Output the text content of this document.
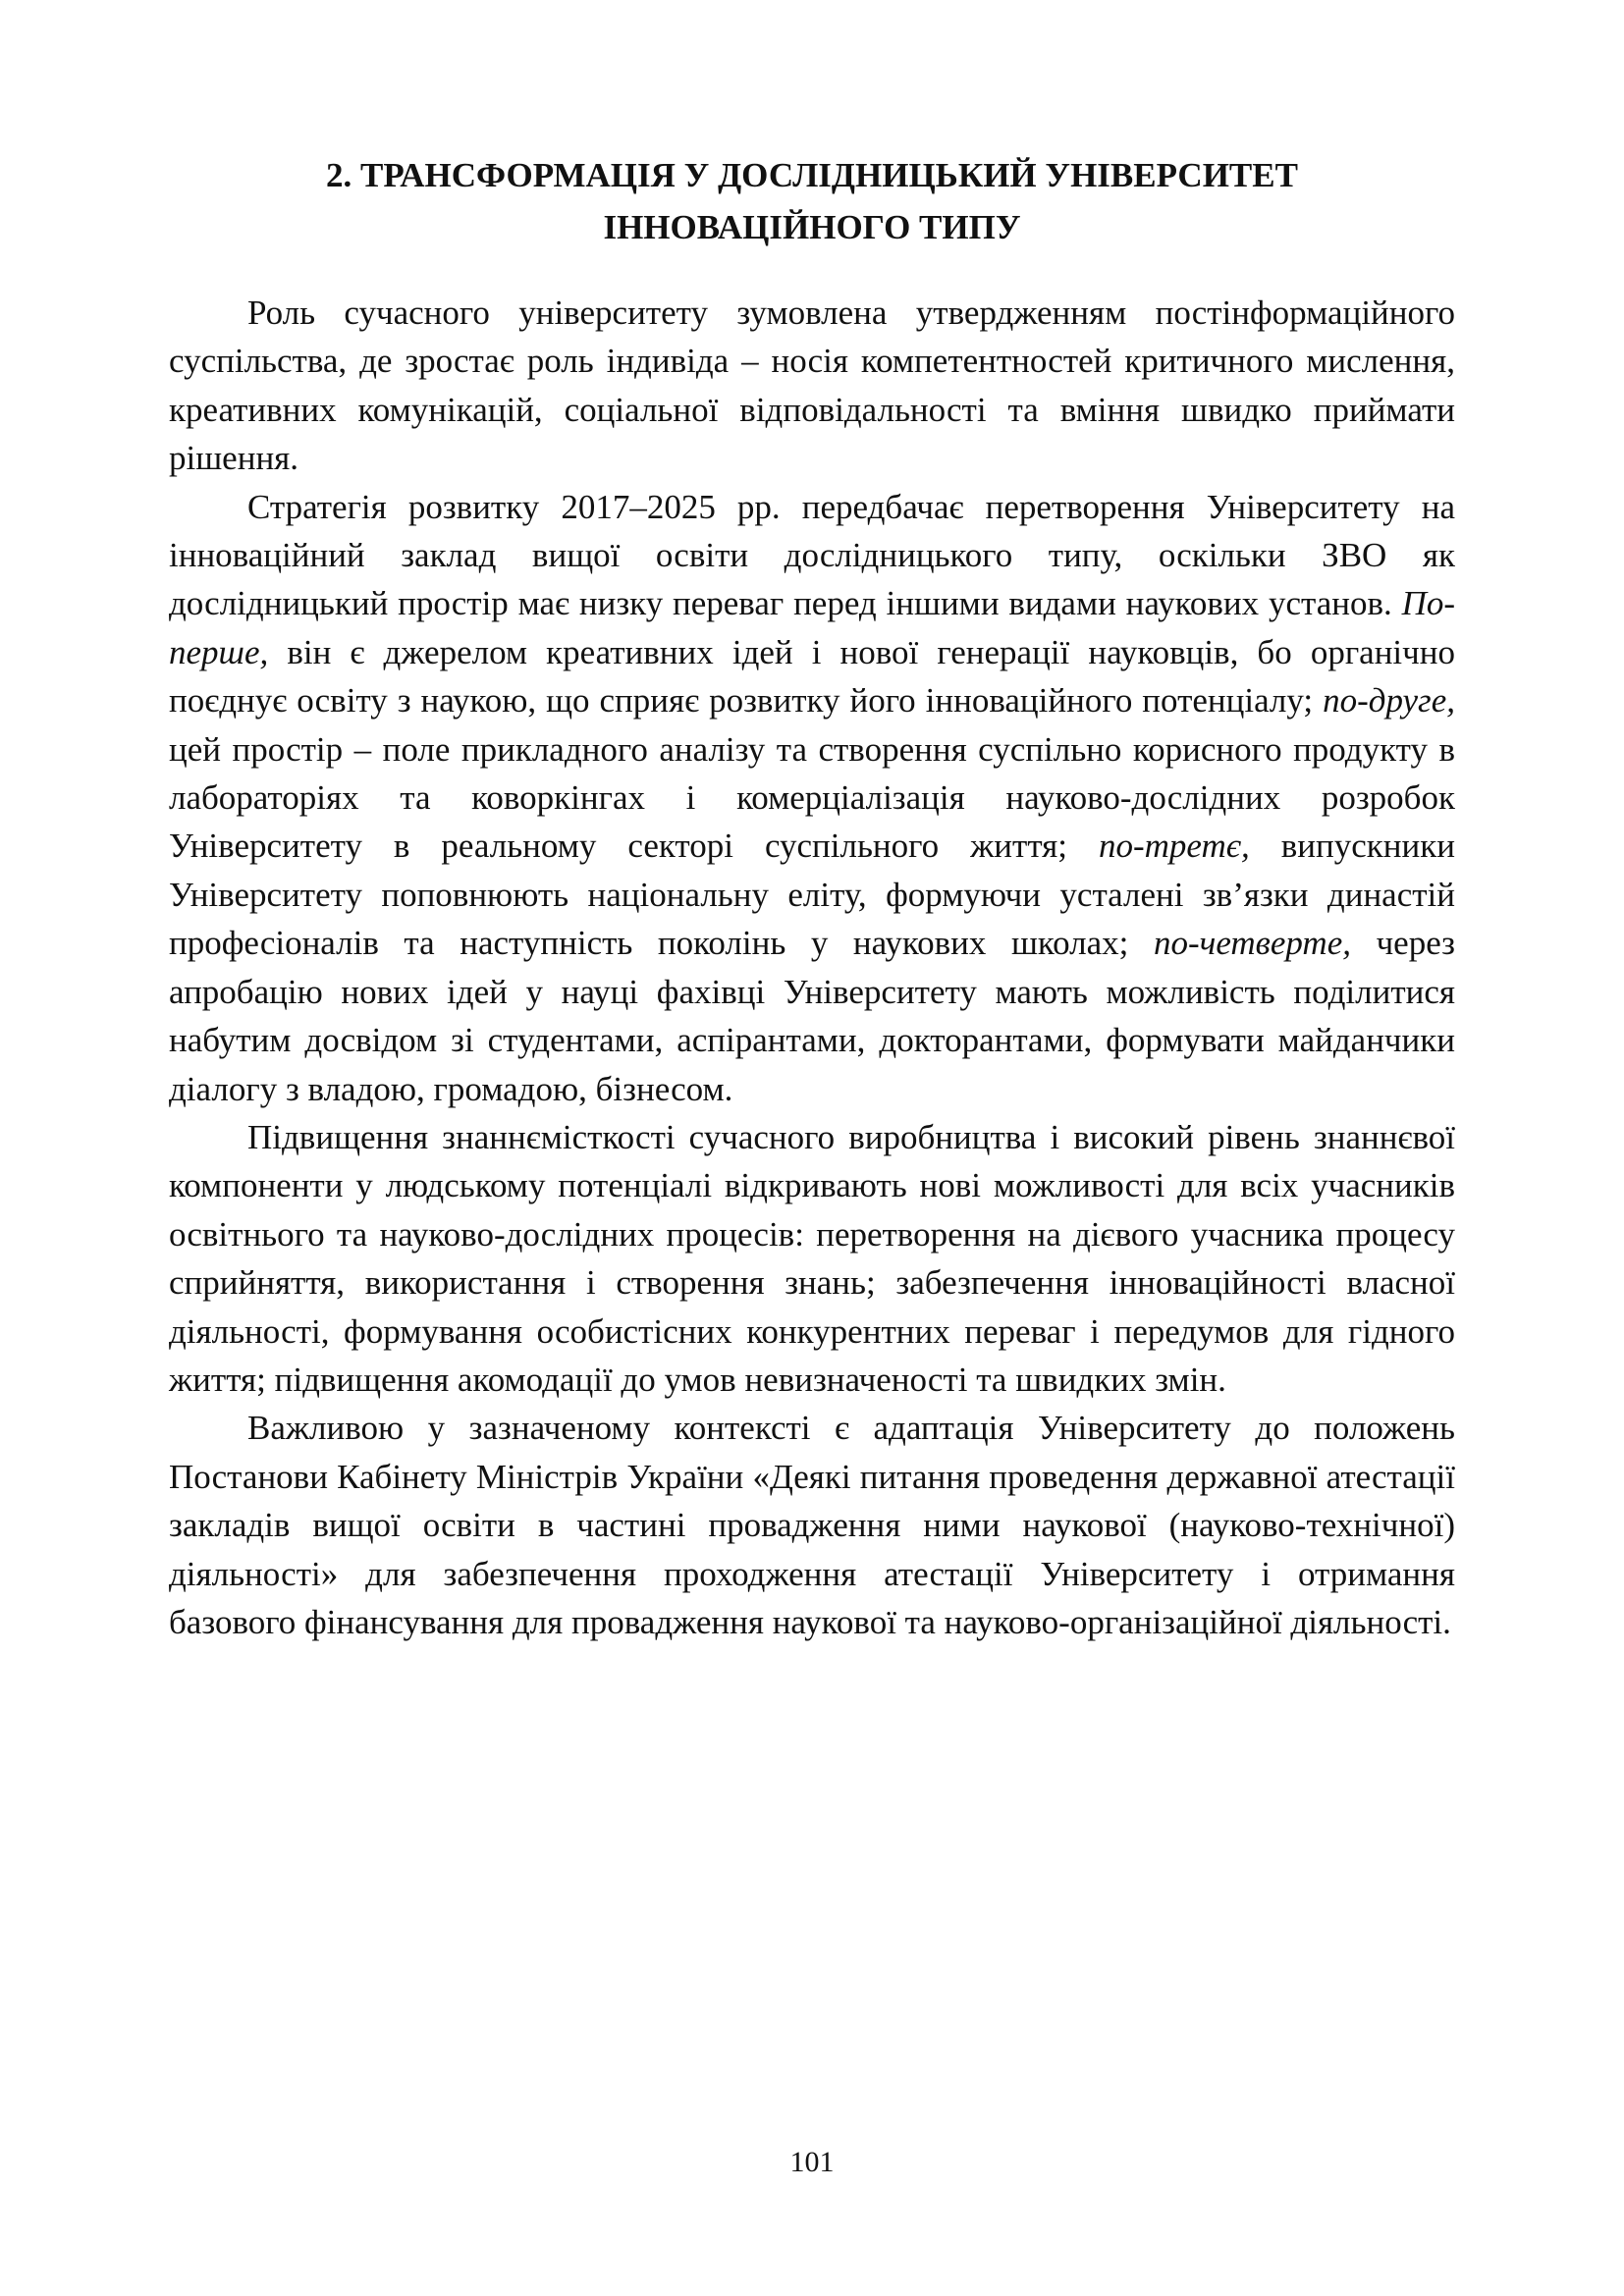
2. ТРАНСФОРМАЦІЯ У ДОСЛІДНИЦЬКИЙ УНІВЕРСИТЕТ
ІННОВАЦІЙНОГО ТИПУ

Роль сучасного університету зумовлена утвердженням постінформаційного суспільства, де зростає роль індивіда – носія компетентностей критичного мислення, креативних комунікацій, соціальної відповідальності та вміння швидко приймати рішення.

Стратегія розвитку 2017–2025 рр. передбачає перетворення Університету на інноваційний заклад вищої освіти дослідницького типу, оскільки ЗВО як дослідницький простір має низку переваг перед іншими видами наукових установ. По-перше, він є джерелом креативних ідей і нової генерації науковців, бо органічно поєднує освіту з наукою, що сприяє розвитку його інноваційного потенціалу; по-друге, цей простір – поле прикладного аналізу та створення суспільно корисного продукту в лабораторіях та коворкінгах і комерціалізація науково-дослідних розробок Університету в реальному секторі суспільного життя; по-третє, випускники Університету поповнюють національну еліту, формуючи усталені зв’язки династій професіоналів та наступність поколінь у наукових школах; по-четверте, через апробацію нових ідей у науці фахівці Університету мають можливість поділитися набутим досвідом зі студентами, аспірантами, докторантами, формувати майданчики діалогу з владою, громадою, бізнесом.

Підвищення знаннємісткості сучасного виробництва і високий рівень знаннєвої компоненти у людському потенціалі відкривають нові можливості для всіх учасників освітнього та науково-дослідних процесів: перетворення на дієвого учасника процесу сприйняття, використання і створення знань; забезпечення інноваційності власної діяльності, формування особистісних конкурентних переваг і передумов для гідного життя; підвищення акомодації до умов невизначеності та швидких змін.

Важливою у зазначеному контексті є адаптація Університету до положень Постанови Кабінету Міністрів України «Деякі питання проведення державної атестації закладів вищої освіти в частині провадження ними наукової (науково-технічної) діяльності» для забезпечення проходження атестації Університету і отримання базового фінансування для провадження наукової та науково-організаційної діяльності.

101
